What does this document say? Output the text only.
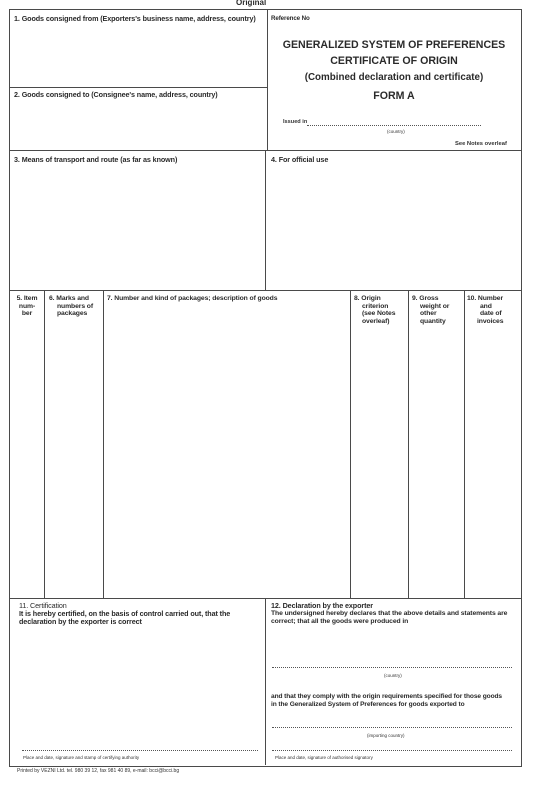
Original
1. Goods consigned from (Exporters's business name, address, country)
2. Goods consigned to (Consignee's name, address, country)
Reference No
GENERALIZED SYSTEM OF PREFERENCES
CERTIFICATE OF ORIGIN
(Combined declaration and certificate)
FORM A
Issued in
(country)
See Notes overleaf
3. Means of transport and route (as far as known)	4. For official use
5. Item
num-
ber
6. Marks and
numbers of
packages
7. Number and kind of packages; description of goods	8. Origin
criterion
(see Notes
overleaf)
9. Gross
weight or
other
quantity
10. Number
and
date of
invoices
11. Certification
It is hereby certified, on the basis of control carried out, that the
declaration by the exporter is correct
Place and date, signature and stamp of certifying authority
12. Declaration by the exporter
The undersigned hereby declares that the above details and statements are
correct; that all the goods were produced in
(country)
and that they comply with the origin requirements specified for those goods
in the Generalized System of Preferences for goods exported to
(importing country)
Place and date, signature of authorised signatory
Printed by VEZNI Ltd. tel. 980 39 12, fax 981 40 89, e-mail: bcci@bcci.bg
